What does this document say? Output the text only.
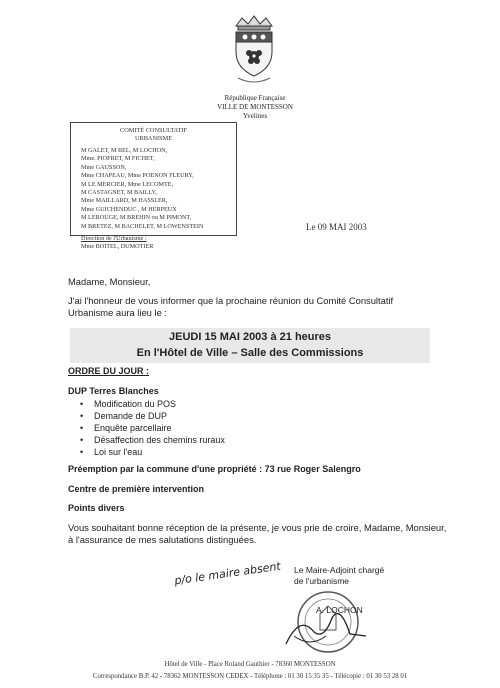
République Française
VILLE DE MONTESSON
Yvelines
COMITÉ CONSULTATIF
URBANISME
M GALET, M BEL, M LOCHON,
Mme. PIOFRET, M FICHET,
Mme GAUSSON,
Mme CHAPEAU, Mme POENON FLEURY,
M LE MERCIER, Mme LECOMTE,
M CASTAGNET, M BAILLY,
Mme MAILLARD, M HASSLER,
Mme GUICHENDUC , M HERPEUX
M LEROUGE, M BREHIN ou M PIMONT,
M BRETEZ, M BACHELET, M LOWENSTEIN
Direction de l'Urbanisme :
Mme BOITEL, DUMOTIER
Le 09 MAI 2003
Madame, Monsieur,
J'ai l'honneur de vous informer que la prochaine réunion du Comité Consultatif
Urbanisme aura lieu le :
JEUDI 15 MAI 2003 à 21 heures
En l'Hôtel de Ville – Salle des Commissions
ORDRE DU JOUR :
DUP Terres Blanches
• Modification du POS
• Demande de DUP
• Enquête parcellaire
• Désaffection des chemins ruraux
• Loi sur l'eau
Préemption par la commune d'une propriété : 73 rue Roger Salengro
Centre de première intervention
Points divers
Vous souhaitant bonne réception de la présente, je vous prie de croire, Madame, Monsieur,
à l'assurance de mes salutations distinguées.
p/o le maire absent Le Maire-Adjoint chargé
de l'urbanisme
A. LOCHON
Hôtel de Ville - Place Roland Gauthier - 78360 MONTESSON
Correspondance B.P. 42 - 78362 MONTESSON CEDEX - Téléphone : 01 30 15 35 35 - Télécopie : 01 30 53 28 01
